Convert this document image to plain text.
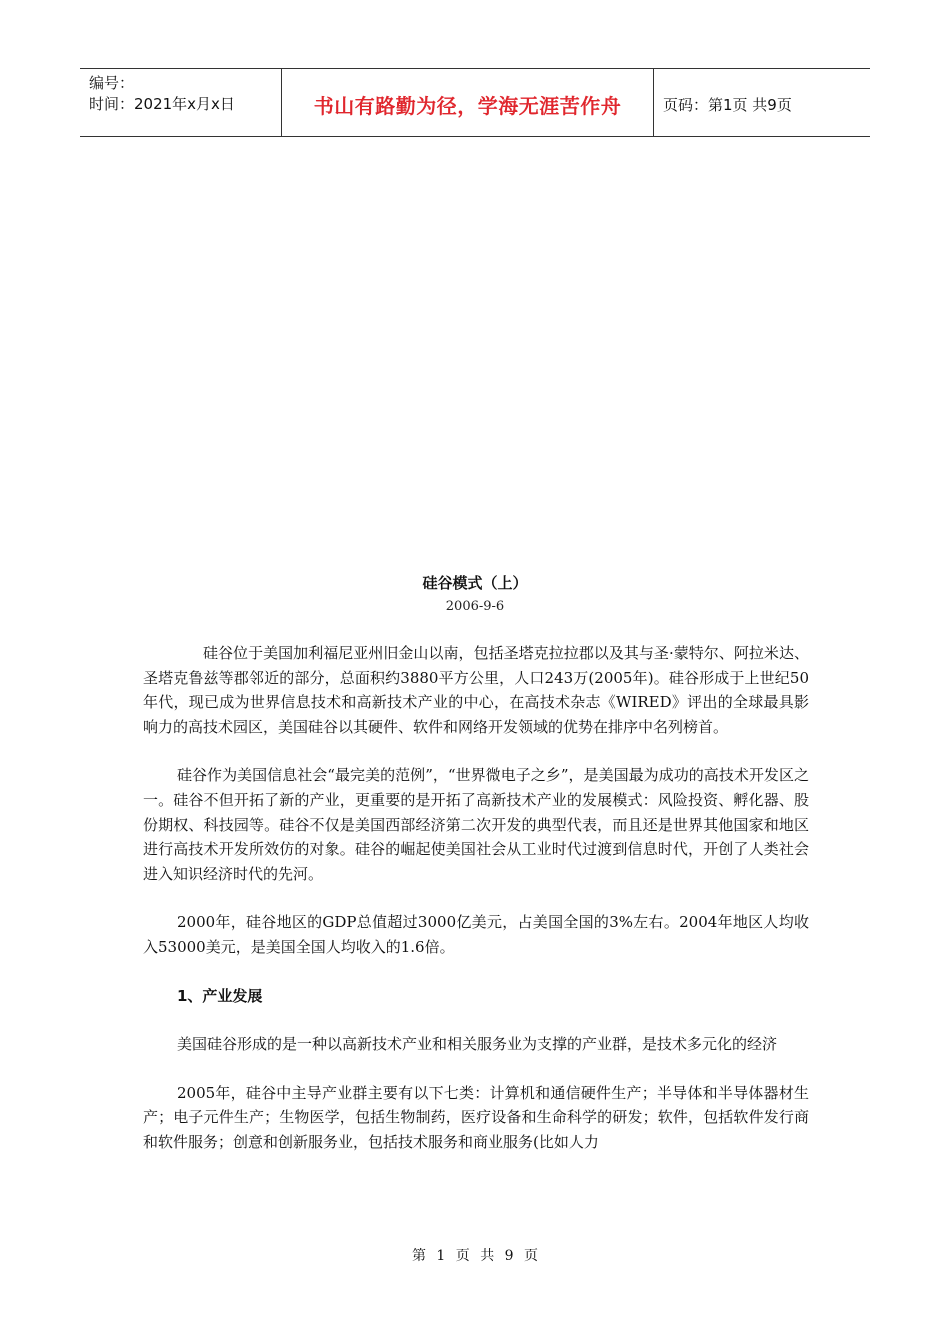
编号：
时间：2021年x月x日	书山有路勤为径，学海无涯苦作舟	页码：第1页 共9页
硅谷模式（上）
2006-9-6

硅谷位于美国加利福尼亚州旧金山以南，包括圣塔克拉拉郡以及其与圣·蒙特尔、阿拉米达、圣塔克鲁兹等郡邻近的部分，总面积约3880平方公里，人口243万(2005年)。硅谷形成于上世纪50年代，现已成为世界信息技术和高新技术产业的中心，在高技术杂志《WIRED》评出的全球最具影响力的高技术园区，美国硅谷以其硬件、软件和网络开发领域的优势在排序中名列榜首。

硅谷作为美国信息社会“最完美的范例”，“世界微电子之乡”，是美国最为成功的高技术开发区之一。硅谷不但开拓了新的产业，更重要的是开拓了高新技术产业的发展模式：风险投资、孵化器、股份期权、科技园等。硅谷不仅是美国西部经济第二次开发的典型代表，而且还是世界其他国家和地区进行高技术开发所效仿的对象。硅谷的崛起使美国社会从工业时代过渡到信息时代，开创了人类社会进入知识经济时代的先河。

2000年，硅谷地区的GDP总值超过3000亿美元，占美国全国的3%左右。2004年地区人均收入53000美元，是美国全国人均收入的1.6倍。

1、产业发展

美国硅谷形成的是一种以高新技术产业和相关服务业为支撑的产业群，是技术多元化的经济

2005年，硅谷中主导产业群主要有以下七类：计算机和通信硬件生产；半导体和半导体器材生产；电子元件生产；生物医学，包括生物制药，医疗设备和生命科学的研发；软件，包括软件发行商和软件服务；创意和创新服务业，包括技术服务和商业服务(比如人力

第 1 页 共 9 页
